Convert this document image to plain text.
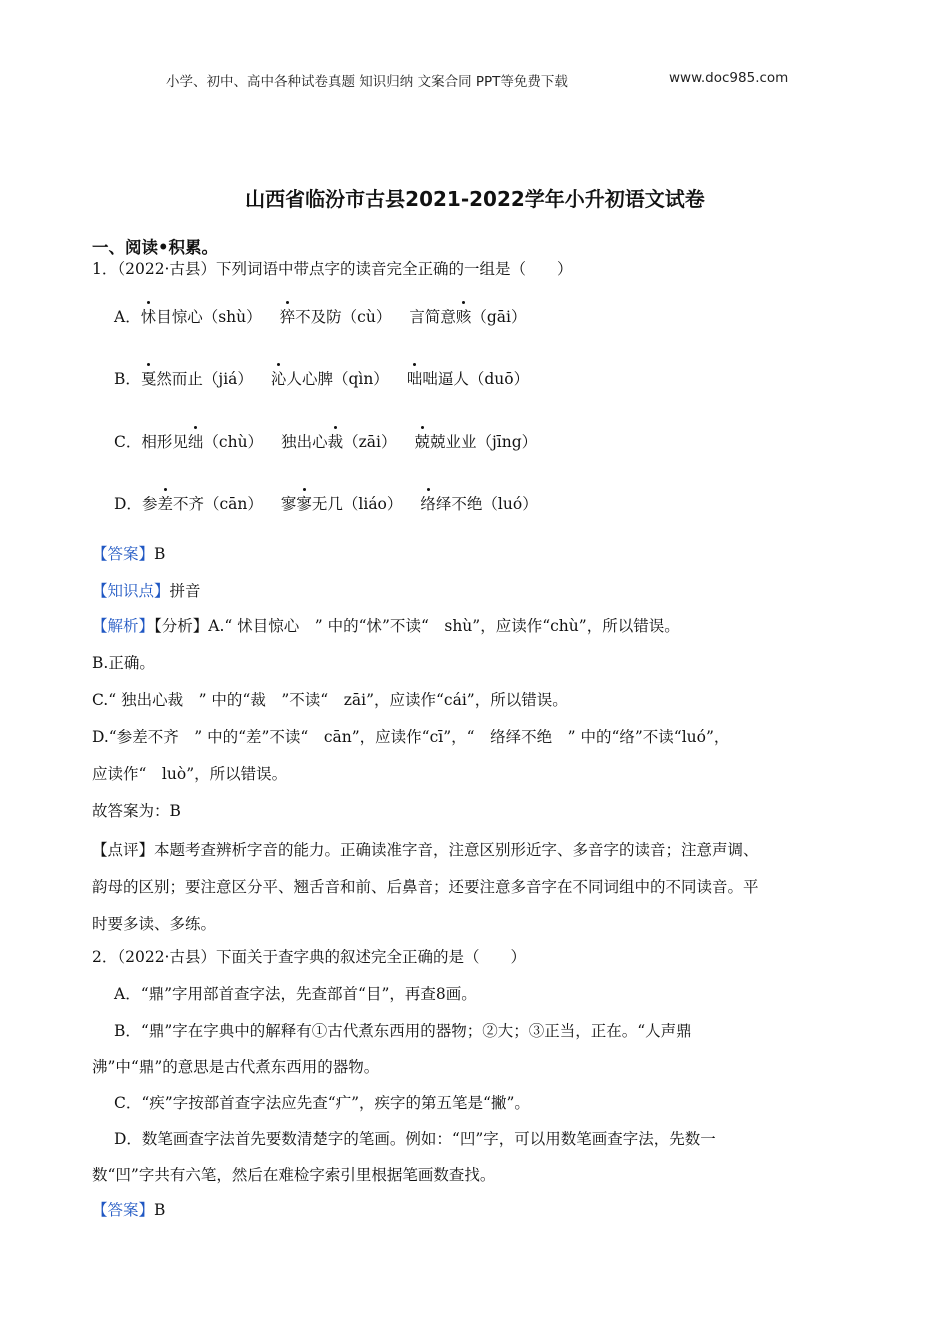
小学、初中、高中各种试卷真题 知识归纳 文案合同 PPT等免费下载	www.doc985.com
山西省临汾市古县2021-2022学年小升初语文试卷
一、阅读•积累。
1．（2022·古县）下列词语中带点字的读音完全正确的一组是（　　）
A．怵目惊心（shù） 猝不及防（cù） 言简意赅（gāi）
B．戛然而止（jiá） 沁人心脾（qìn） 咄咄逼人（duō）
C．相形见绌（chù） 独出心裁（zāi） 兢兢业业（jīng）
D．参差不齐（cān） 寥寥无几（liáo） 络绎不绝（luó）
【答案】B
【知识点】拼音
【解析】【分析】A.“ 怵目惊心　” 中的“怵”不读“　shù”，应读作“chù”，所以错误。
B.正确。
C.“ 独出心裁　” 中的“裁　”不读“　zāi”，应读作“cái”，所以错误。
D.“参差不齐　” 中的“差”不读“　cān”，应读作“cī”，“　络绎不绝　” 中的“络”不读“luó”，
应读作“　luò”，所以错误。
故答案为：B
【点评】本题考查辨析字音的能力。正确读准字音，注意区别形近字、多音字的读音；注意声调、
韵母的区别；要注意区分平、翘舌音和前、后鼻音；还要注意多音字在不同词组中的不同读音。平
时要多读、多练。
2．（2022·古县）下面关于查字典的叙述完全正确的是（　　）
A．“鼎”字用部首查字法，先查部首“目”，再查8画。
B．“鼎”字在字典中的解释有①古代煮东西用的器物；②大；③正当，正在。“人声鼎
沸”中“鼎”的意思是古代煮东西用的器物。
C．“疾”字按部首查字法应先查“疒”，疾字的第五笔是“撇”。
D．数笔画查字法首先要数清楚字的笔画。例如：“凹”字，可以用数笔画查字法，先数一
数“凹”字共有六笔，然后在难检字索引里根据笔画数查找。
【答案】B
